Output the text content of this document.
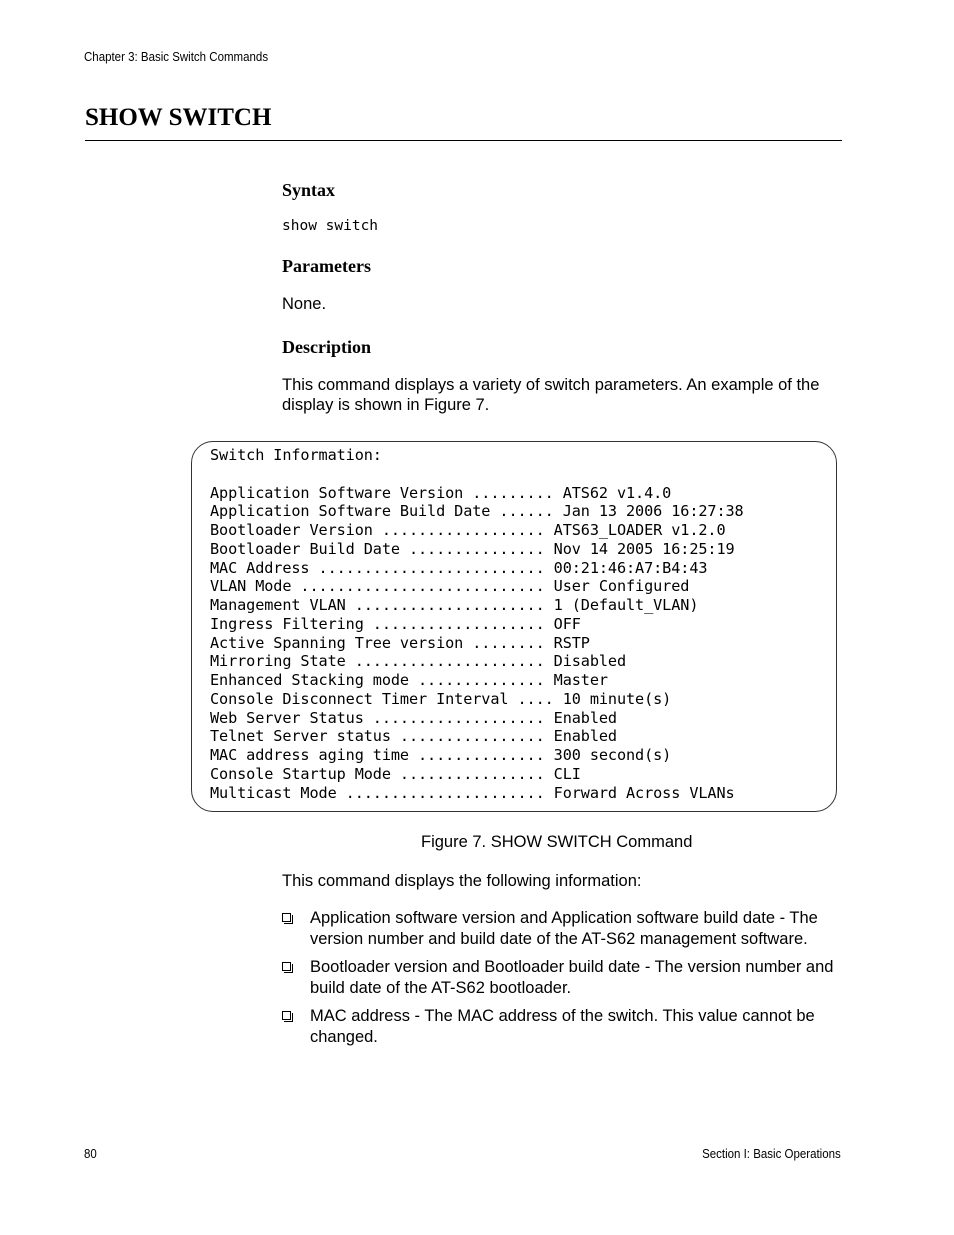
Chapter 3: Basic Switch Commands
SHOW SWITCH
Syntax
show switch
Parameters
None.
Description
This command displays a variety of switch parameters. An example of the display is shown in Figure 7.
Switch Information:

Application Software Version ......... ATS62 v1.4.0
Application Software Build Date ...... Jan 13 2006 16:27:38
Bootloader Version .................. ATS63_LOADER v1.2.0
Bootloader Build Date ............... Nov 14 2005 16:25:19
MAC Address ......................... 00:21:46:A7:B4:43
VLAN Mode ........................... User Configured
Management VLAN ..................... 1 (Default_VLAN)
Ingress Filtering ................... OFF
Active Spanning Tree version ........ RSTP
Mirroring State ..................... Disabled
Enhanced Stacking mode .............. Master
Console Disconnect Timer Interval .... 10 minute(s)
Web Server Status ................... Enabled
Telnet Server status ................ Enabled
MAC address aging time .............. 300 second(s)
Console Startup Mode ................ CLI
Multicast Mode ...................... Forward Across VLANs
Figure 7. SHOW SWITCH Command
This command displays the following information:
Application software version and Application software build date - The version number and build date of the AT-S62 management software.
Bootloader version and Bootloader build date - The version number and build date of the AT-S62 bootloader.
MAC address - The MAC address of the switch. This value cannot be changed.
80	Section I: Basic Operations
